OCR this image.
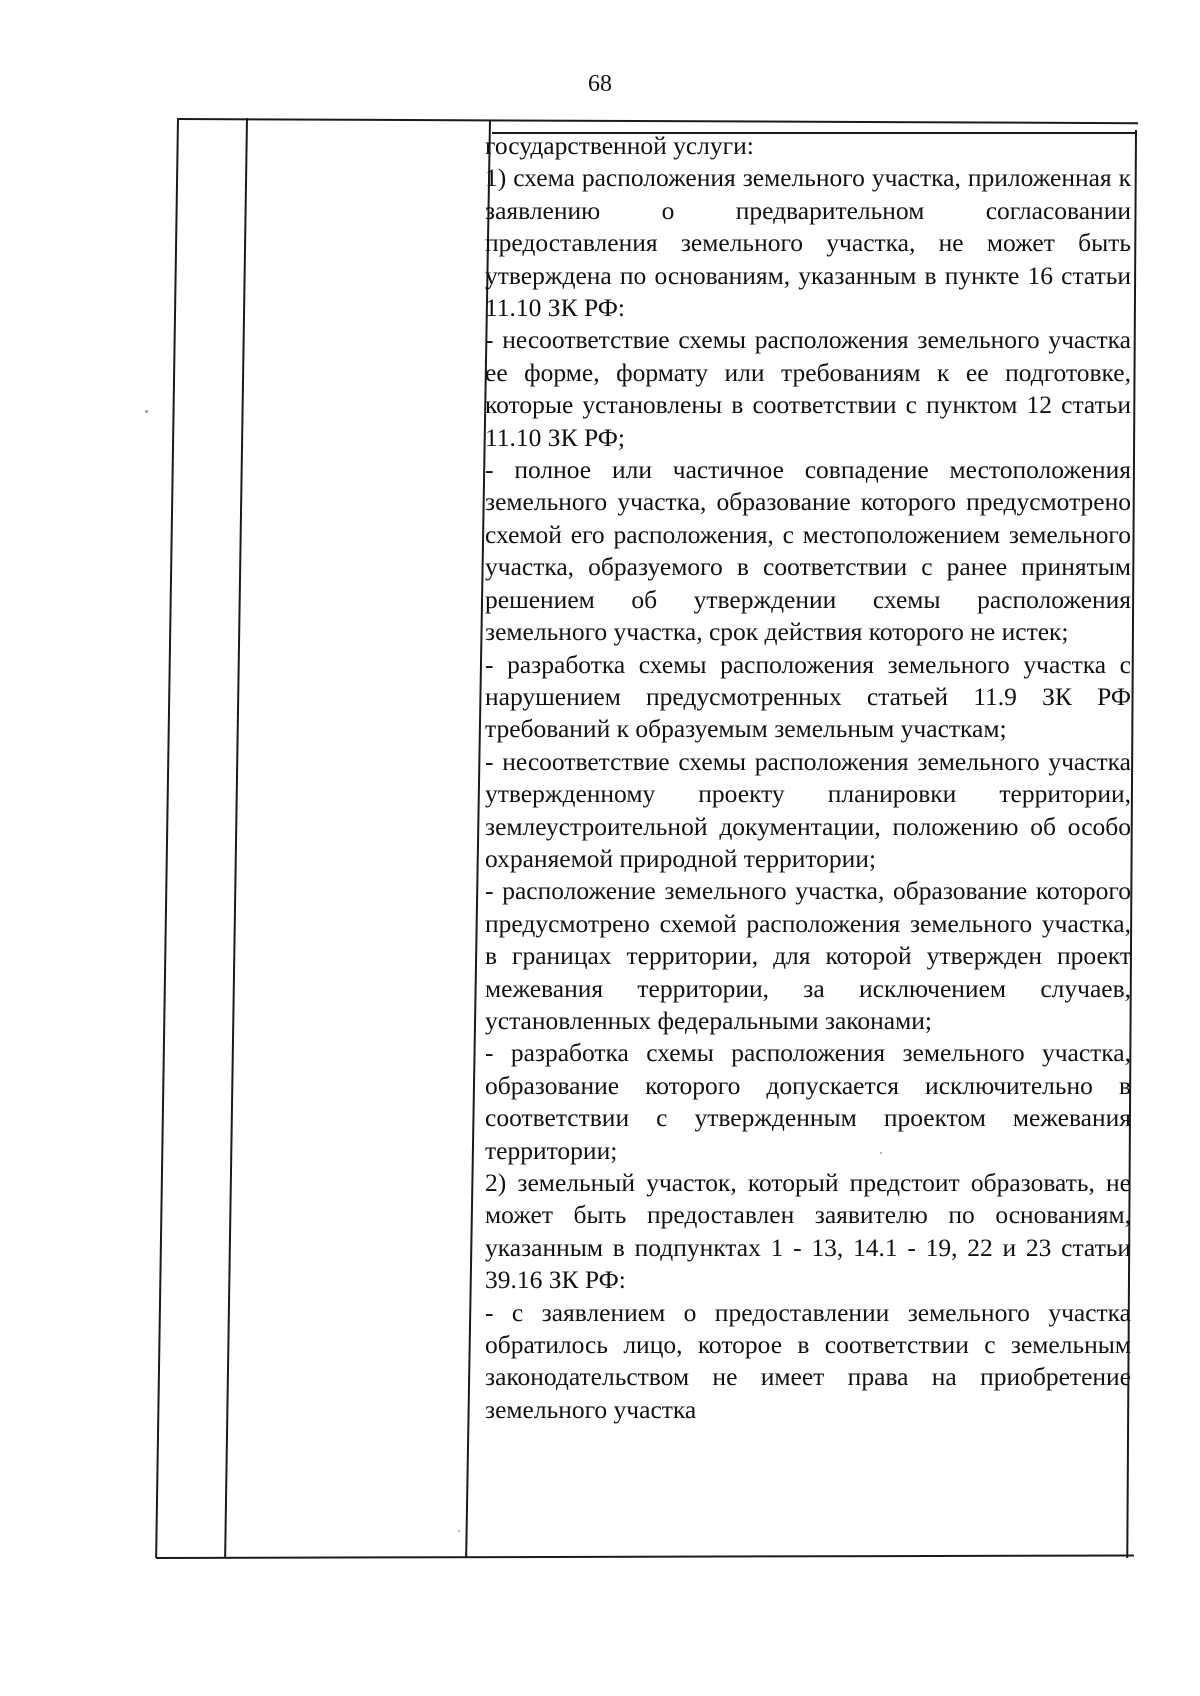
68

государственной услуги:

1) схема расположения земельного участка, приложенная к заявлению о предварительном согласовании предоставления земельного участка, не может быть утверждена по основаниям, указанным в пункте 16 статьи 11.10 ЗК РФ:

- несоответствие схемы расположения земельного участка ее форме, формату или требованиям к ее подготовке, которые установлены в соответствии с пунктом 12 статьи 11.10 ЗК РФ;

- полное или частичное совпадение местоположения земельного участка, образование которого предусмотрено схемой его расположения, с местоположением земельного участка, образуемого в соответствии с ранее принятым решением об утверждении схемы расположения земельного участка, срок действия которого не истек;

- разработка схемы расположения земельного участка с нарушением предусмотренных статьей 11.9 ЗК РФ требований к образуемым земельным участкам;

- несоответствие схемы расположения земельного участка утвержденному проекту планировки территории, землеустроительной документации, положению об особо охраняемой природной территории;

- расположение земельного участка, образование которого предусмотрено схемой расположения земельного участка, в границах территории, для которой утвержден проект межевания территории, за исключением случаев, установленных федеральными законами;

- разработка схемы расположения земельного участка, образование которого допускается исключительно в соответствии с утвержденным проектом межевания территории;

2) земельный участок, который предстоит образовать, не может быть предоставлен заявителю по основаниям, указанным в подпунктах 1 - 13, 14.1 - 19, 22 и 23 статьи 39.16 ЗК РФ:

- с заявлением о предоставлении земельного участка обратилось лицо, которое в соответствии с земельным законодательством не имеет права на приобретение земельного участка
